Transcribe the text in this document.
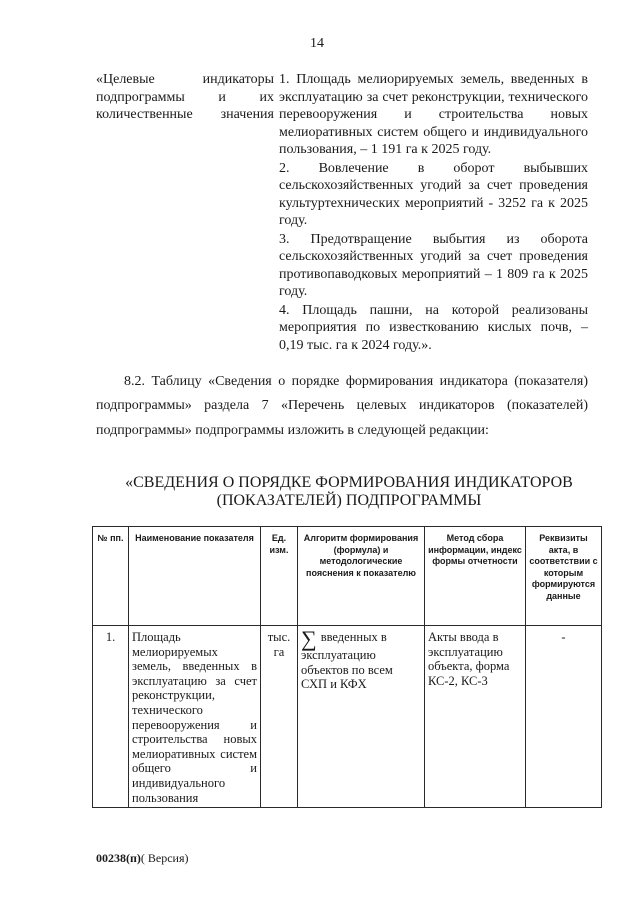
14
«Целевые индикаторы подпрограммы и их количественные значения

1. Площадь мелиорируемых земель, введенных в эксплуатацию за счет реконструкции, технического перевооружения и строительства новых мелиоративных систем общего и индивидуального пользования, – 1 191 га к 2025 году.

2. Вовлечение в оборот выбывших сельскохозяйственных угодий за счет проведения культуртехнических мероприятий - 3252 га к 2025 году.

3. Предотвращение выбытия из оборота сельскохозяйственных угодий за счет проведения противопаводковых мероприятий – 1 809 га к 2025 году.

4. Площадь пашни, на которой реализованы мероприятия по известкованию кислых почв, – 0,19 тыс. га к 2024 году.».

8.2. Таблицу «Сведения о порядке формирования индикатора (показателя) подпрограммы» раздела 7 «Перечень целевых индикаторов (показателей) подпрограммы» подпрограммы изложить в следующей редакции:
«СВЕДЕНИЯ О ПОРЯДКЕ ФОРМИРОВАНИЯ ИНДИКАТОРОВ (ПОКАЗАТЕЛЕЙ) ПОДПРОГРАММЫ
№ пп.	Наименование показателя	Ед. изм.	Алгоритм формирования (формула) и методологические пояснения к показателю	Метод сбора информации, индекс формы отчетности	Реквизиты акта, в соответствии с которым формируются данные
1.	Площадь мелиорируемых земель, введенных в эксплуатацию за счет реконструкции, технического перевооружения и строительства новых мелиоративных систем общего и индивидуального пользования	тыс. га	∑ введенных в эксплуатацию объектов по всем СХП и КФХ	Акты ввода в эксплуатацию объекта, форма КС-2, КС-3	-
00238(п)( Версия)
